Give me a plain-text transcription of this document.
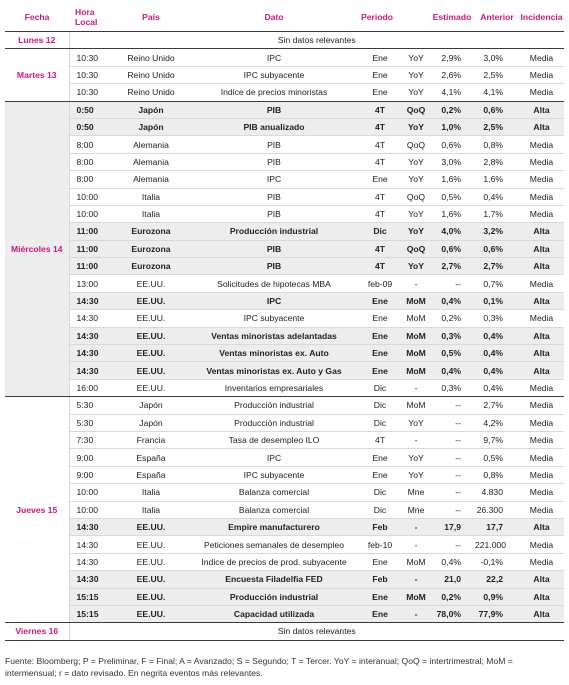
Fecha	Hora Local	País	Dato	Periodo		Estimado	Anterior	Incidencia
Lunes 12	Sin datos relevantes							
Martes 13	10:30	Reino Unido	IPC	Ene	YoY	2,9%	3,0%	Media
	10:30	Reino Unido	IPC subyacente	Ene	YoY	2,6%	2,5%	Media
	10:30	Reino Unido	Indice de precios minoristas	Ene	YoY	4,1%	4,1%	Media
Miércoles 14	0:50	Japón	PIB	4T	QoQ	0,2%	0,6%	Alta
	0:50	Japón	PIB anualizado	4T	YoY	1,0%	2,5%	Alta
	8:00	Alemania	PIB	4T	QoQ	0,6%	0,8%	Media
	8:00	Alemania	PIB	4T	YoY	3,0%	2,8%	Media
	8:00	Alemania	IPC	Ene	YoY	1,6%	1,6%	Media
	10:00	Italia	PIB	4T	QoQ	0,5%	0,4%	Media
	10:00	Italia	PIB	4T	YoY	1,6%	1,7%	Media
	11:00	Eurozona	Producción industrial	Dic	YoY	4,0%	3,2%	Alta
	11:00	Eurozona	PIB	4T	QoQ	0,6%	0,6%	Alta
	11:00	Eurozona	PIB	4T	YoY	2,7%	2,7%	Alta
	13:00	EE.UU.	Solicitudes de hipotecas MBA	feb-09	-	--	0,7%	Media
	14:30	EE.UU.	IPC	Ene	MoM	0,4%	0,1%	Alta
	14:30	EE.UU.	IPC subyacente	Ene	MoM	0,2%	0,3%	Media
	14:30	EE.UU.	Ventas minoristas adelantadas	Ene	MoM	0,3%	0,4%	Alta
	14:30	EE.UU.	Ventas minoristas ex. Auto	Ene	MoM	0,5%	0,4%	Alta
	14:30	EE.UU.	Ventas minoristas ex. Auto y Gas	Ene	MoM	0,4%	0,4%	Alta
	16:00	EE.UU.	Inventarios empresariales	Dic	-	0,3%	0,4%	Media
Jueves 15	5:30	Japón	Producción industrial	Dic	MoM	--	2,7%	Media
	5:30	Japón	Producción industrial	Dic	YoY	--	4,2%	Media
	7:30	Francia	Tasa de desempleo ILO	4T	-	--	9,7%	Media
	9:00	España	IPC	Ene	YoY	--	0,5%	Media
	9:00	España	IPC subyacente	Ene	YoY	--	0,8%	Media
	10:00	Italia	Balanza comercial	Dic	Mne	--	4.830	Media
	10:00	Italia	Balanza comercial	Dic	Mne	--	26.300	Media
	14:30	EE.UU.	Empire manufacturero	Feb	-	17,9	17,7	Alta
	14:30	EE.UU.	Peticiones semanales de desempleo	feb-10	-	--	221.000	Media
	14:30	EE.UU.	Indice de precios de prod. subyacente	Ene	MoM	0,4%	-0,1%	Media
	14:30	EE.UU.	Encuesta Filadelfia FED	Feb	-	21,0	22,2	Alta
	15:15	EE.UU.	Producción industrial	Ene	MoM	0,2%	0,9%	Alta
	15:15	EE.UU.	Capacidad utilizada	Ene	-	78,0%	77,9%	Alta
Viernes 16	Sin datos relevantes							
Fuente: Bloomberg; P = Preliminar, F = Final; A = Avanzado; S = Segundo; T = Tercer. YoY = interanual; QoQ = intertrimestral; MoM = intermensual; r = dato revisado. En negrita eventos más relevantes.
